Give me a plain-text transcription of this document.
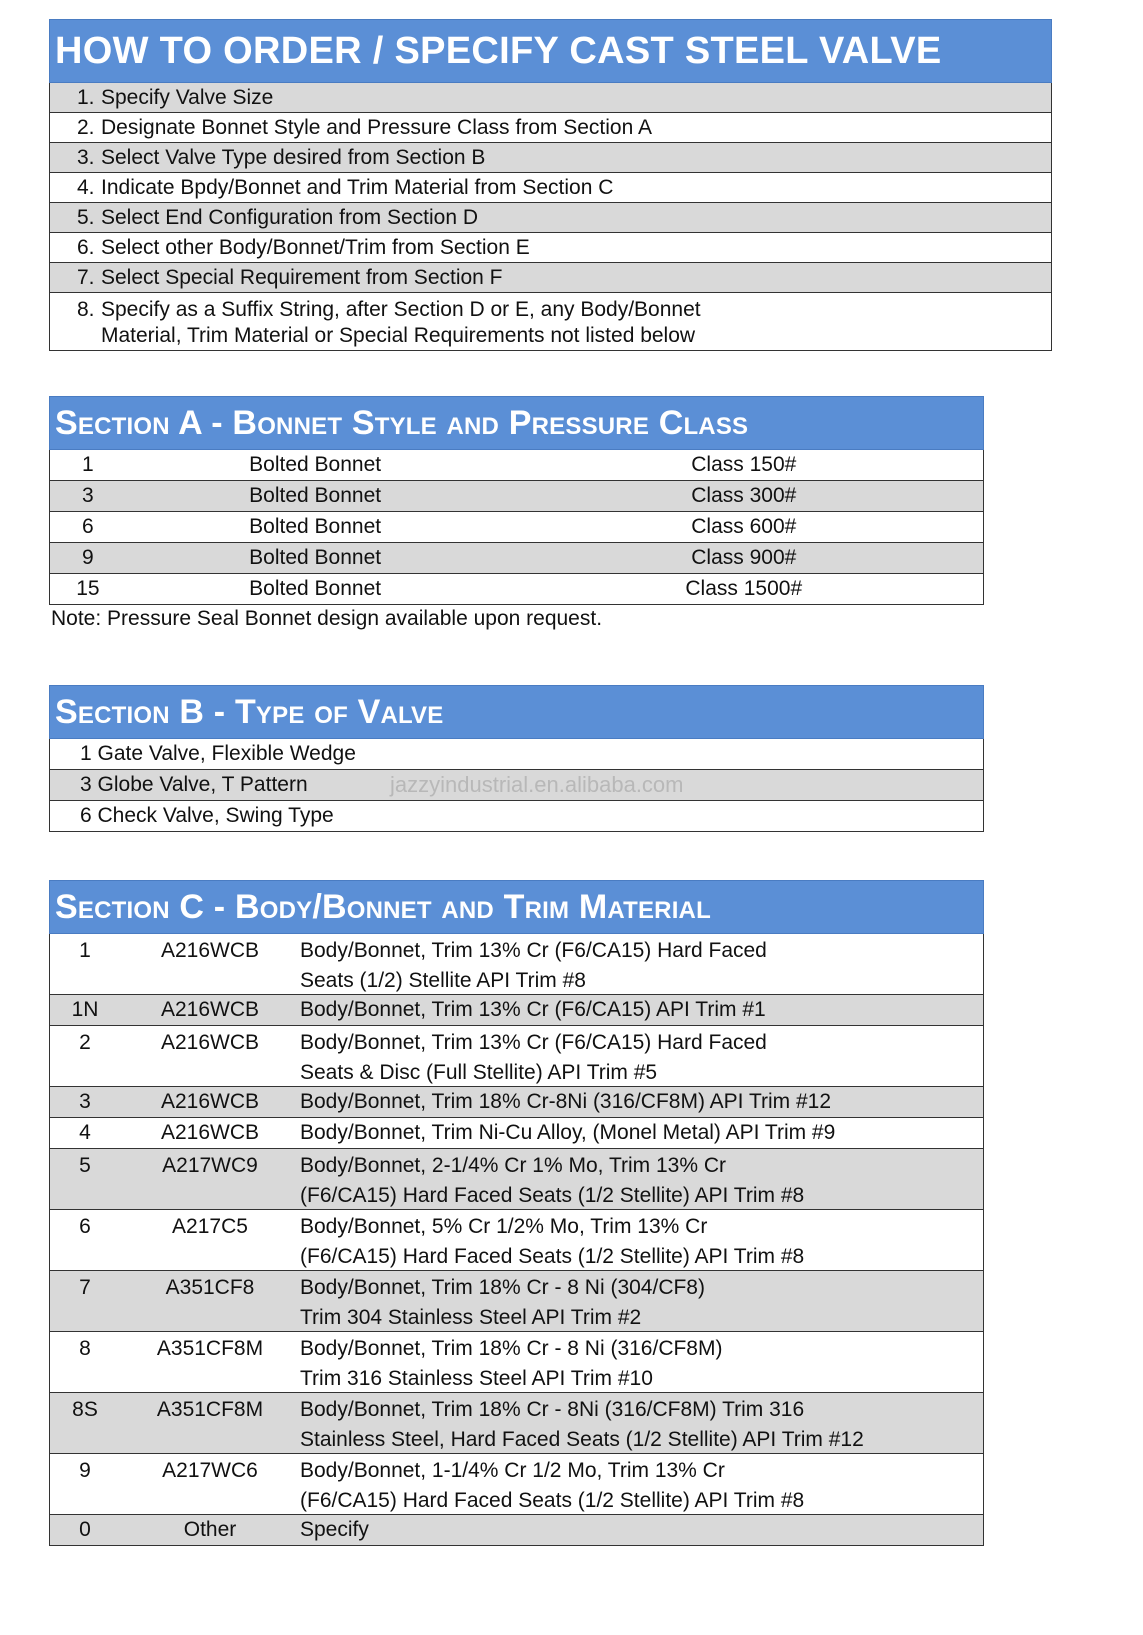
HOW TO ORDER / SPECIFY CAST STEEL VALVE
1. Specify Valve Size
2. Designate Bonnet Style and Pressure Class from Section A
3. Select Valve Type desired from Section B
4. Indicate Bpdy/Bonnet and Trim Material from Section C
5. Select End Configuration from Section D
6. Select other Body/Bonnet/Trim from Section E
7. Select Special Requirement from Section F
8. Specify as a Suffix String, after Section D or E, any Body/Bonnet
Material, Trim Material or Special Requirements not listed below
Section A - Bonnet Style and Pressure Class
1	Bolted Bonnet	Class 150#
3	Bolted Bonnet	Class 300#
6	Bolted Bonnet	Class 600#
9	Bolted Bonnet	Class 900#
15	Bolted Bonnet	Class 1500#
Note: Pressure Seal Bonnet design available upon request.
Section B - Type of Valve
1 Gate Valve, Flexible Wedge
3 Globe Valve, T Pattern
6 Check Valve, Swing Type
jazzyindustrial.en.alibaba.com
Section C - Body/Bonnet and Trim Material
1	A216WCB	Body/Bonnet, Trim 13% Cr (F6/CA15) Hard Faced
Seats (1/2) Stellite API Trim #8
1N	A216WCB	Body/Bonnet, Trim 13% Cr (F6/CA15) API Trim #1
2	A216WCB	Body/Bonnet, Trim 13% Cr (F6/CA15) Hard Faced
Seats & Disc (Full Stellite) API Trim #5
3	A216WCB	Body/Bonnet, Trim 18% Cr-8Ni (316/CF8M) API Trim #12
4	A216WCB	Body/Bonnet, Trim Ni-Cu Alloy, (Monel Metal) API Trim #9
5	A217WC9	Body/Bonnet, 2-1/4% Cr 1% Mo, Trim 13% Cr
(F6/CA15) Hard Faced Seats (1/2 Stellite) API Trim #8
6	A217C5	Body/Bonnet, 5% Cr 1/2% Mo, Trim 13% Cr
(F6/CA15) Hard Faced Seats (1/2 Stellite) API Trim #8
7	A351CF8	Body/Bonnet, Trim 18% Cr - 8 Ni (304/CF8)
Trim 304 Stainless Steel API Trim #2
8	A351CF8M	Body/Bonnet, Trim 18% Cr - 8 Ni (316/CF8M)
Trim 316 Stainless Steel API Trim #10
8S	A351CF8M	Body/Bonnet, Trim 18% Cr - 8Ni (316/CF8M) Trim 316
Stainless Steel, Hard Faced Seats (1/2 Stellite) API Trim #12
9	A217WC6	Body/Bonnet, 1-1/4% Cr 1/2 Mo, Trim 13% Cr
(F6/CA15) Hard Faced Seats (1/2 Stellite) API Trim #8
0	Other	Specify
